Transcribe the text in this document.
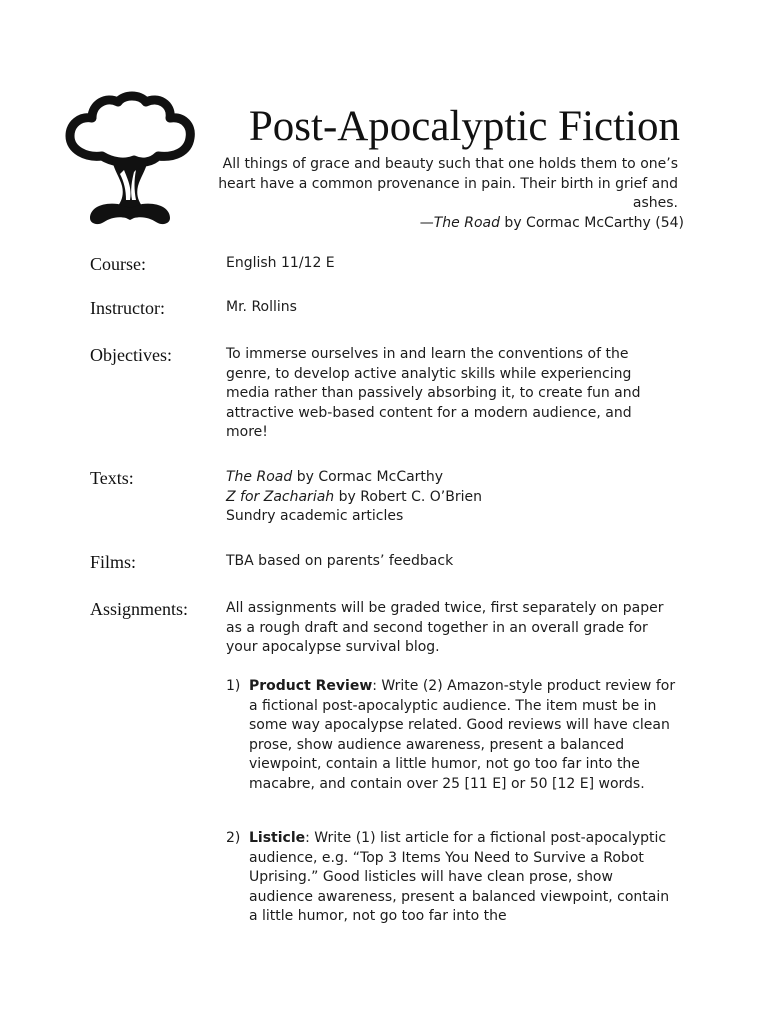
Post-Apocalyptic Fiction
All things of grace and beauty such that one holds them to one’s heart have a common provenance in pain. Their birth in grief and ashes.
—The Road by Cormac McCarthy (54)
Course:	English 11/12 E
Instructor:	Mr. Rollins
Objectives:	To immerse ourselves in and learn the conventions of the genre, to develop active analytic skills while experiencing media rather than passively absorbing it, to create fun and attractive web-based content for a modern audience, and more!
Texts:	The Road by Cormac McCarthy
Z for Zachariah by Robert C. O’Brien
Sundry academic articles
Films:	TBA based on parents’ feedback
Assignments:	All assignments will be graded twice, first separately on paper as a rough draft and second together in an overall grade for your apocalypse survival blog.
1) Product Review: Write (2) Amazon-style product review for a fictional post-apocalyptic audience. The item must be in some way apocalypse related. Good reviews will have clean prose, show audience awareness, present a balanced viewpoint, contain a little humor, not go too far into the macabre, and contain over 25 [11 E] or 50 [12 E] words.
2) Listicle: Write (1) list article for a fictional post-apocalyptic audience, e.g. “Top 3 Items You Need to Survive a Robot Uprising.” Good listicles will have clean prose, show audience awareness, present a balanced viewpoint, contain a little humor, not go too far into the
